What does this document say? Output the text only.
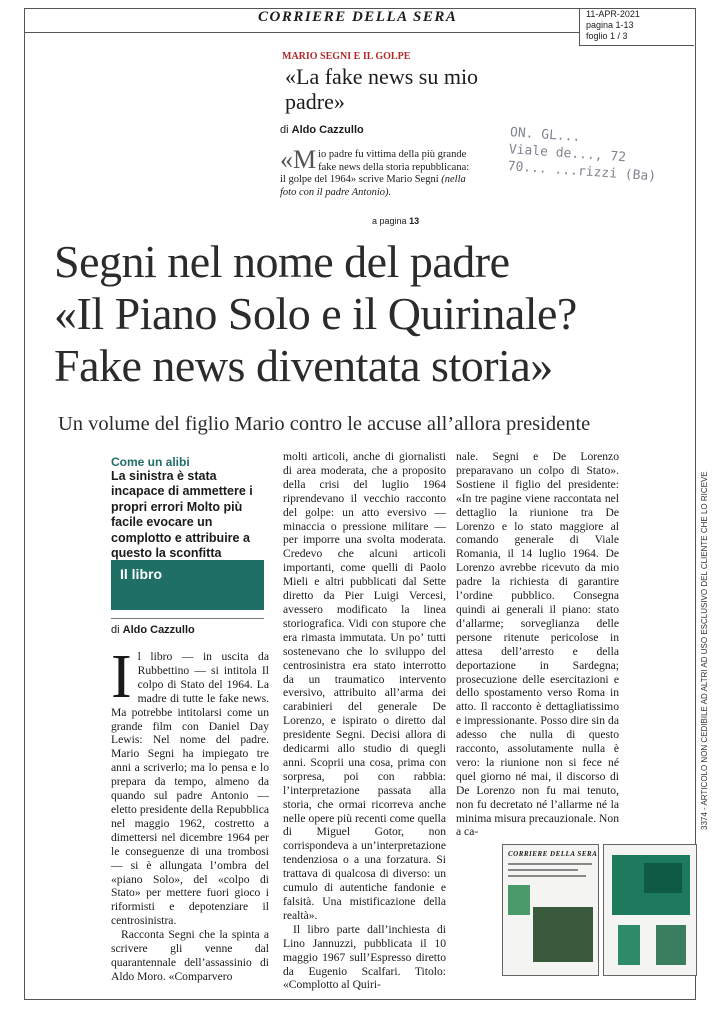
CORRIERE DELLA SERA	11-APR-2021
pagina 1-13
foglio 1 / 3
3374 - ARTICOLO NON CEDIBILE AD ALTRI AD USO ESCLUSIVO DEL CLIENTE CHE LO RICEVE
MARIO SEGNI E IL GOLPE
«La fake news su mio padre»
di Aldo Cazzullo
«M io padre fu vittima della più grande fake news della storia repubblicana: il golpe del 1964» scrive Mario Segni (nella foto con il padre Antonio).
a pagina 13
ON. GL...
Viale de..., 72
70... ...rizzi (Ba)
Segni nel nome del padre
«Il Piano Solo e il Quirinale?
Fake news diventata storia»
Un volume del figlio Mario contro le accuse all’allora presidente
Come un alibi
La sinistra è stata incapace di ammettere i propri errori Molto più facile evocare un complotto e attribuire a questo la sconfitta
Il libro
di Aldo Cazzullo

Il libro — in uscita da Rubbettino — si intitola Il colpo di Stato del 1964. La madre di tutte le fake news. Ma potrebbe intitolarsi come un grande film con Daniel Day Lewis: Nel nome del padre. Mario Segni ha impiegato tre anni a scriverlo; ma lo pensa e lo prepara da tempo, almeno da quando sul padre Antonio — eletto presidente della Repubblica nel maggio 1962, costretto a dimettersi nel dicembre 1964 per le conseguenze di una trombosi — si è allungata l’ombra del «piano Solo», del «colpo di Stato» per mettere fuori gioco i riformisti e depotenziare il centrosinistra.

Racconta Segni che la spinta a scrivere gli venne dal quarantennale dell’assassinio di Aldo Moro. «Comparvero

molti articoli, anche di giornalisti di area moderata, che a proposito della crisi del luglio 1964 riprendevano il vecchio racconto del golpe: un atto eversivo — minaccia o pressione militare — per imporre una svolta moderata. Credevo che alcuni articoli importanti, come quelli di Paolo Mieli e altri pubblicati dal Sette diretto da Pier Luigi Vercesi, avessero modificato la linea storiografica. Vidi con stupore che era rimasta immutata. Un po’ tutti sostenevano che lo sviluppo del centrosinistra era stato interrotto da un traumatico intervento eversivo, attribuito all’arma dei carabinieri del generale De Lorenzo, e ispirato o diretto dal presidente Segni. Decisi allora di dedicarmi allo studio di quegli anni. Scoprii una cosa, prima con sorpresa, poi con rabbia: l’interpretazione passata alla storia, che ormai ricorreva anche nelle opere più recenti come quella di Miguel Gotor, non corrispondeva a un’interpretazione tendenziosa o a una forzatura. Si trattava di qualcosa di diverso: un cumulo di autentiche fandonie e falsità. Una mistificazione della realtà».

Il libro parte dall’inchiesta di Lino Jannuzzi, pubblicata il 10 maggio 1967 sull’Espresso diretto da Eugenio Scalfari. Titolo: «Complotto al Quiri-

nale. Segni e De Lorenzo preparavano un colpo di Stato». Sostiene il figlio del presidente: «In tre pagine viene raccontata nel dettaglio la riunione tra De Lorenzo e lo stato maggiore al comando generale di Viale Romania, il 14 luglio 1964. De Lorenzo avrebbe ricevuto da mio padre la richiesta di garantire l’ordine pubblico. Consegna quindi ai generali il piano: stato d’allarme; sorveglianza delle persone ritenute pericolose in attesa dell’arresto e della deportazione in Sardegna; prosecuzione delle esercitazioni e dello spostamento verso Roma in atto. Il racconto è dettagliatissimo e impressionante. Posso dire sin da adesso che nulla di questo racconto, assolutamente nulla è vero: la riunione non si fece né quel giorno né mai, il discorso di De Lorenzo non fu mai tenuto, non fu decretato né l’allarme né la minima misura precauzionale. Non a ca-

CORRIERE DELLA SERA
